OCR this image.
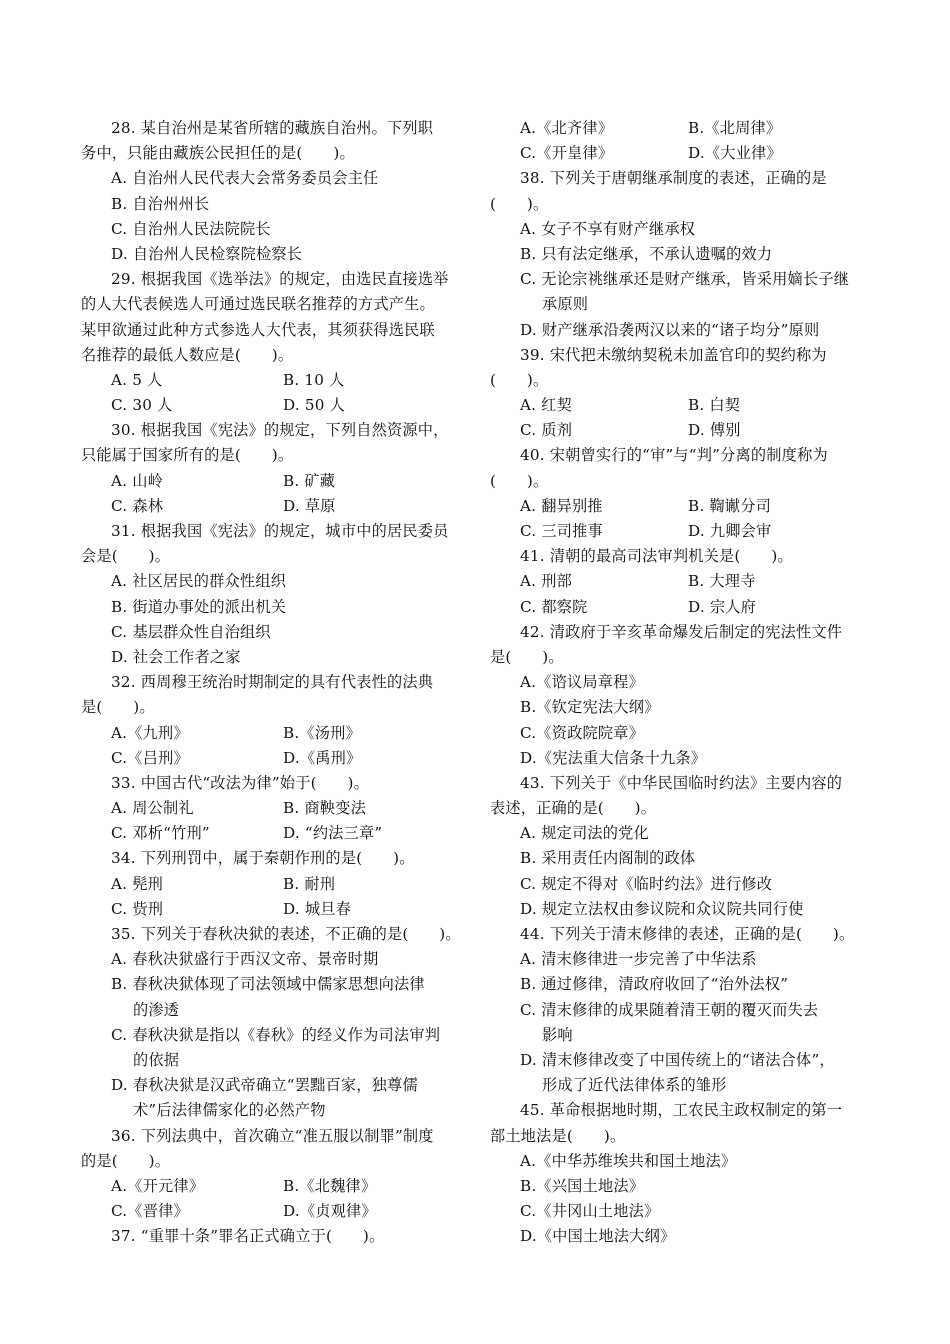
28. 某自治州是某省所辖的藏族自治州。下列职
务中，只能由藏族公民担任的是(　　)。
A. 自治州人民代表大会常务委员会主任
B. 自治州州长
C. 自治州人民法院院长
D. 自治州人民检察院检察长
29. 根据我国《选举法》的规定，由选民直接选举
的人大代表候选人可通过选民联名推荐的方式产生。
某甲欲通过此种方式参选人大代表，其须获得选民联
名推荐的最低人数应是(　　)。
A. 5 人	B. 10 人
C. 30 人	D. 50 人
30. 根据我国《宪法》的规定，下列自然资源中，
只能属于国家所有的是(　　)。
A. 山岭	B. 矿藏
C. 森林	D. 草原
31. 根据我国《宪法》的规定，城市中的居民委员
会是(　　)。
A. 社区居民的群众性组织
B. 街道办事处的派出机关
C. 基层群众性自治组织
D. 社会工作者之家
32. 西周穆王统治时期制定的具有代表性的法典
是(　　)。
A.《九刑》	B.《汤刑》
C.《吕刑》	D.《禹刑》
33. 中国古代“改法为律”始于(　　)。
A. 周公制礼	B. 商鞅变法
C. 邓析“竹刑”	D. “约法三章”
34. 下列刑罚中，属于秦朝作刑的是(　　)。
A. 髡刑	B. 耐刑
C. 赀刑	D. 城旦春
35. 下列关于春秋决狱的表述，不正确的是(　　)。
A. 春秋决狱盛行于西汉文帝、景帝时期
B. 春秋决狱体现了司法领域中儒家思想向法律
的渗透
C. 春秋决狱是指以《春秋》的经义作为司法审判
的依据
D. 春秋决狱是汉武帝确立“罢黜百家，独尊儒
术”后法律儒家化的必然产物
36. 下列法典中，首次确立“准五服以制罪”制度
的是(　　)。
A.《开元律》	B.《北魏律》
C.《晋律》	D.《贞观律》
37. “重罪十条”罪名正式确立于(　　)。
A.《北齐律》	B.《北周律》
C.《开皇律》	D.《大业律》
38. 下列关于唐朝继承制度的表述，正确的是
(　　)。
A. 女子不享有财产继承权
B. 只有法定继承，不承认遗嘱的效力
C. 无论宗祧继承还是财产继承，皆采用嫡长子继
承原则
D. 财产继承沿袭两汉以来的“诸子均分”原则
39. 宋代把未缴纳契税未加盖官印的契约称为
(　　)。
A. 红契	B. 白契
C. 质剂	D. 傅别
40. 宋朝曾实行的“审”与“判”分离的制度称为
(　　)。
A. 翻异别推	B. 鞫谳分司
C. 三司推事	D. 九卿会审
41. 清朝的最高司法审判机关是(　　)。
A. 刑部	B. 大理寺
C. 都察院	D. 宗人府
42. 清政府于辛亥革命爆发后制定的宪法性文件
是(　　)。
A.《谘议局章程》
B.《钦定宪法大纲》
C.《资政院院章》
D.《宪法重大信条十九条》
43. 下列关于《中华民国临时约法》主要内容的
表述，正确的是(　　)。
A. 规定司法的党化
B. 采用责任内阁制的政体
C. 规定不得对《临时约法》进行修改
D. 规定立法权由参议院和众议院共同行使
44. 下列关于清末修律的表述，正确的是(　　)。
A. 清末修律进一步完善了中华法系
B. 通过修律，清政府收回了“治外法权”
C. 清末修律的成果随着清王朝的覆灭而失去
影响
D. 清末修律改变了中国传统上的“诸法合体”，
形成了近代法律体系的雏形
45. 革命根据地时期，工农民主政权制定的第一
部土地法是(　　)。
A.《中华苏维埃共和国土地法》
B.《兴国土地法》
C.《井冈山土地法》
D.《中国土地法大纲》
